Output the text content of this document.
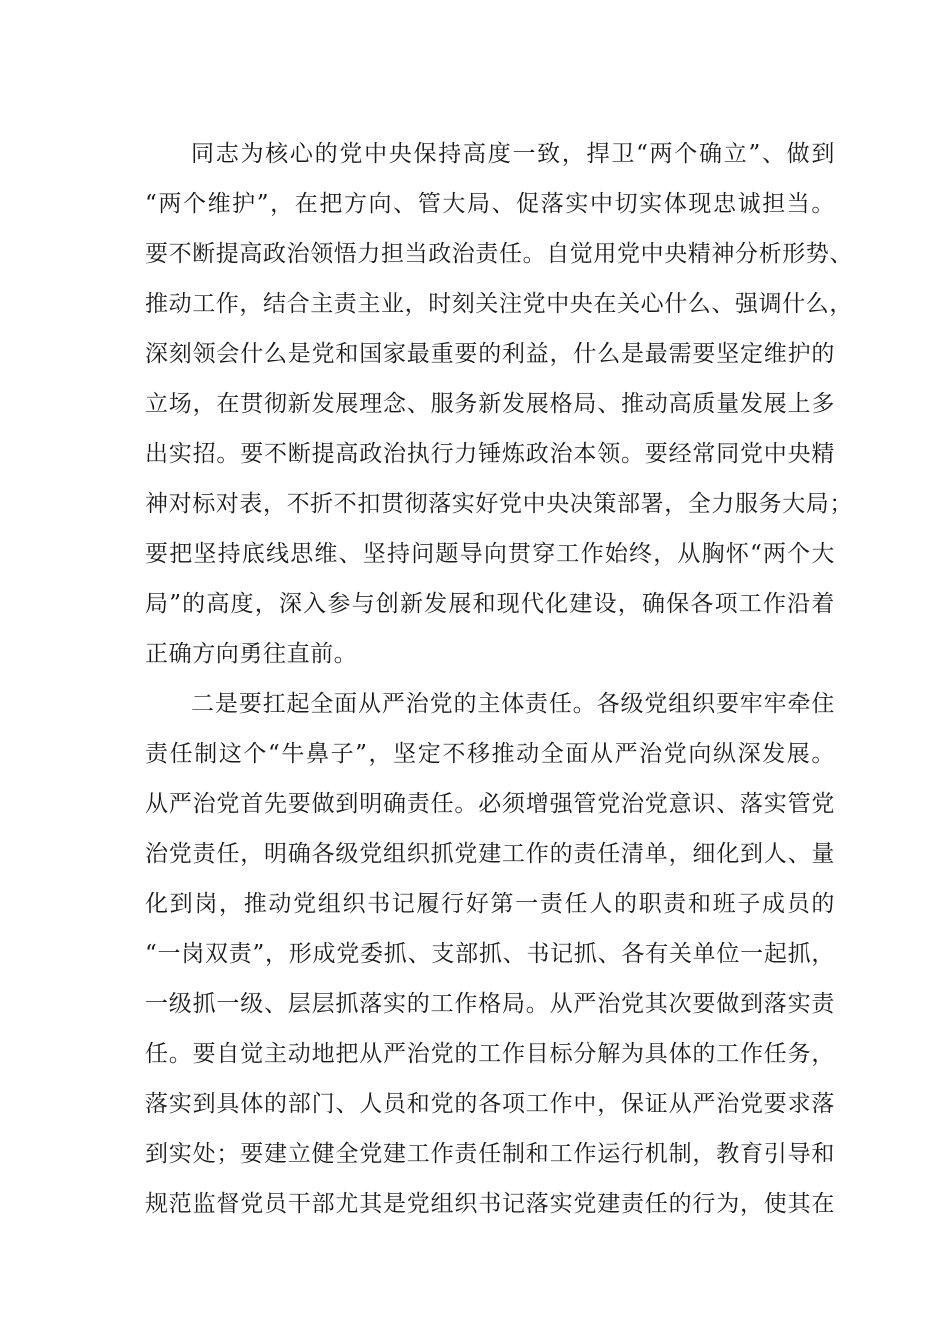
同志为核心的党中央保持高度一致，捍卫“两个确立”、做到
“两个维护”，在把方向、管大局、促落实中切实体现忠诚担当。
要不断提高政治领悟力担当政治责任。自觉用党中央精神分析形势、
推动工作，结合主责主业，时刻关注党中央在关心什么、强调什么，
深刻领会什么是党和国家最重要的利益，什么是最需要坚定维护的
立场，在贯彻新发展理念、服务新发展格局、推动高质量发展上多
出实招。要不断提高政治执行力锤炼政治本领。要经常同党中央精
神对标对表，不折不扣贯彻落实好党中央决策部署，全力服务大局；
要把坚持底线思维、坚持问题导向贯穿工作始终，从胸怀“两个大
局”的高度，深入参与创新发展和现代化建设，确保各项工作沿着
正确方向勇往直前。
二是要扛起全面从严治党的主体责任。各级党组织要牢牢牵住
责任制这个“牛鼻子”，坚定不移推动全面从严治党向纵深发展。
从严治党首先要做到明确责任。必须增强管党治党意识、落实管党
治党责任，明确各级党组织抓党建工作的责任清单，细化到人、量
化到岗，推动党组织书记履行好第一责任人的职责和班子成员的
“一岗双责”，形成党委抓、支部抓、书记抓、各有关单位一起抓，
一级抓一级、层层抓落实的工作格局。从严治党其次要做到落实责
任。要自觉主动地把从严治党的工作目标分解为具体的工作任务，
落实到具体的部门、人员和党的各项工作中，保证从严治党要求落
到实处；要建立健全党建工作责任制和工作运行机制，教育引导和
规范监督党员干部尤其是党组织书记落实党建责任的行为，使其在
